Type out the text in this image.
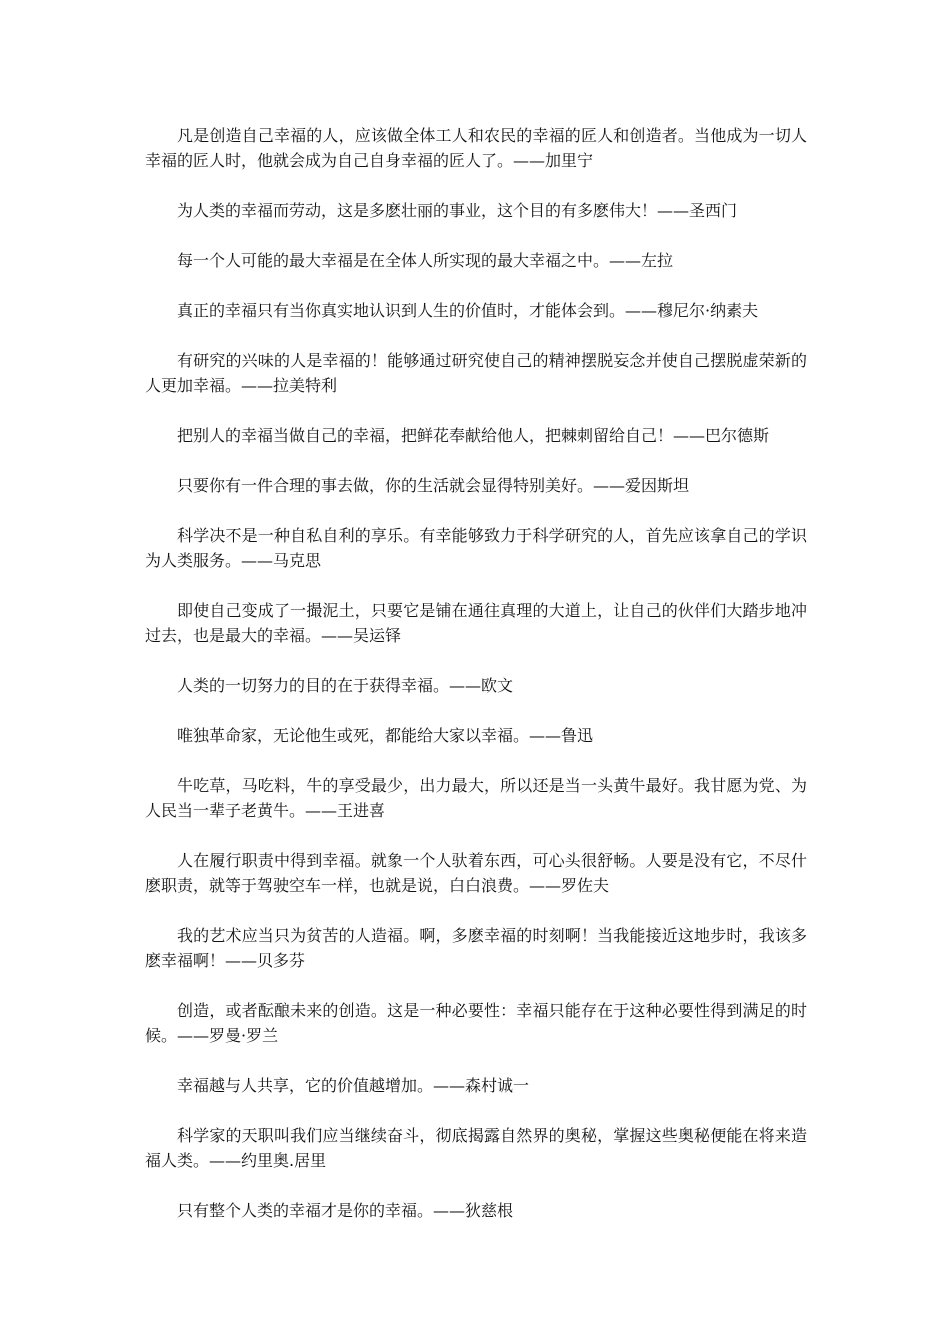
凡是创造自己幸福的人，应该做全体工人和农民的幸福的匠人和创造者。当他成为一切人幸福的匠人时，他就会成为自己自身幸福的匠人了。——加里宁

为人类的幸福而劳动，这是多麽壮丽的事业，这个目的有多麽伟大！——圣西门

每一个人可能的最大幸福是在全体人所实现的最大幸福之中。——左拉

真正的幸福只有当你真实地认识到人生的价值时，才能体会到。——穆尼尔·纳素夫

有研究的兴味的人是幸福的！能够通过研究使自己的精神摆脱妄念并使自己摆脱虚荣新的人更加幸福。——拉美特利

把别人的幸福当做自己的幸福，把鲜花奉献给他人，把棘刺留给自己！——巴尔德斯

只要你有一件合理的事去做，你的生活就会显得特别美好。——爱因斯坦

科学决不是一种自私自利的享乐。有幸能够致力于科学研究的人，首先应该拿自己的学识为人类服务。——马克思

即使自己变成了一撮泥土，只要它是铺在通往真理的大道上，让自己的伙伴们大踏步地冲过去，也是最大的幸福。——吴运铎

人类的一切努力的目的在于获得幸福。——欧文

唯独革命家，无论他生或死，都能给大家以幸福。——鲁迅

牛吃草，马吃料，牛的享受最少，出力最大，所以还是当一头黄牛最好。我甘愿为党、为人民当一辈子老黄牛。——王进喜

人在履行职责中得到幸福。就象一个人驮着东西，可心头很舒畅。人要是没有它，不尽什麽职责，就等于驾驶空车一样，也就是说，白白浪费。——罗佐夫

我的艺术应当只为贫苦的人造福。啊，多麽幸福的时刻啊！当我能接近这地步时，我该多麽幸福啊！——贝多芬

创造，或者酝酿未来的创造。这是一种必要性：幸福只能存在于这种必要性得到满足的时候。——罗曼·罗兰

幸福越与人共享，它的价值越增加。——森村诚一

科学家的天职叫我们应当继续奋斗，彻底揭露自然界的奥秘，掌握这些奥秘便能在将来造福人类。——约里奥.居里

只有整个人类的幸福才是你的幸福。——狄慈根
